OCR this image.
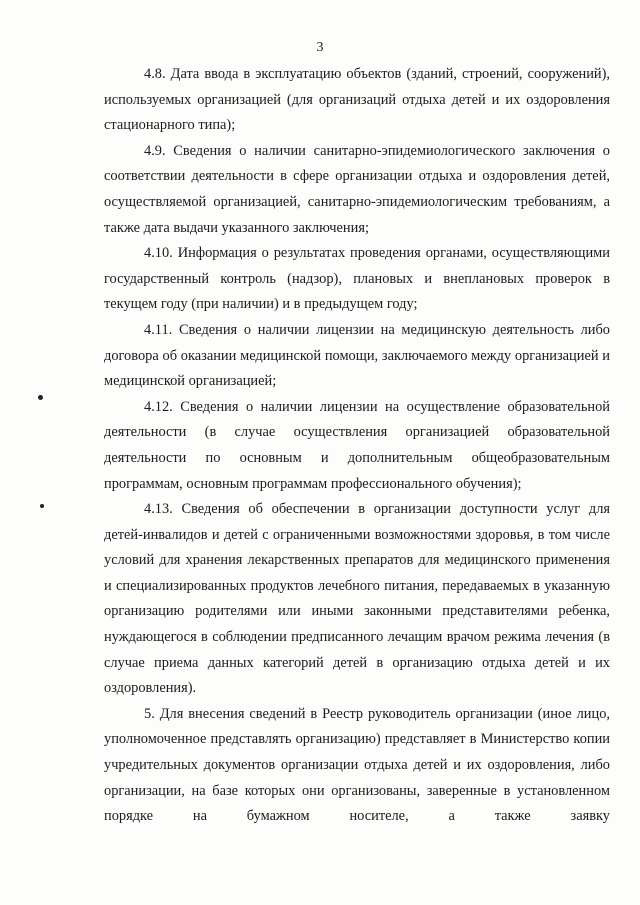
3

4.8. Дата ввода в эксплуатацию объектов (зданий, строений, сооружений), используемых организацией (для организаций отдыха детей и их оздоровления стационарного типа);

4.9. Сведения о наличии санитарно-эпидемиологического заключения о соответствии деятельности в сфере организации отдыха и оздоровления детей, осуществляемой организацией, санитарно-эпидемиологическим требованиям, а также дата выдачи указанного заключения;

4.10. Информация о результатах проведения органами, осуществляющими государственный контроль (надзор), плановых и внеплановых проверок в текущем году (при наличии) и в предыдущем году;

4.11. Сведения о наличии лицензии на медицинскую деятельность либо договора об оказании медицинской помощи, заключаемого между организацией и медицинской организацией;

4.12. Сведения о наличии лицензии на осуществление образовательной деятельности (в случае осуществления организацией образовательной деятельности по основным и дополнительным общеобразовательным программам, основным программам профессионального обучения);

4.13. Сведения об обеспечении в организации доступности услуг для детей-инвалидов и детей с ограниченными возможностями здоровья, в том числе условий для хранения лекарственных препаратов для медицинского применения и специализированных продуктов лечебного питания, передаваемых в указанную организацию родителями или иными законными представителями ребенка, нуждающегося в соблюдении предписанного лечащим врачом режима лечения (в случае приема данных категорий детей в организацию отдыха детей и их оздоровления).

5. Для внесения сведений в Реестр руководитель организации (иное лицо, уполномоченное представлять организацию) представляет в Министерство копии учредительных документов организации отдыха детей и их оздоровления, либо организации, на базе которых они организованы, заверенные в установленном порядке на бумажном носителе, а также заявку
